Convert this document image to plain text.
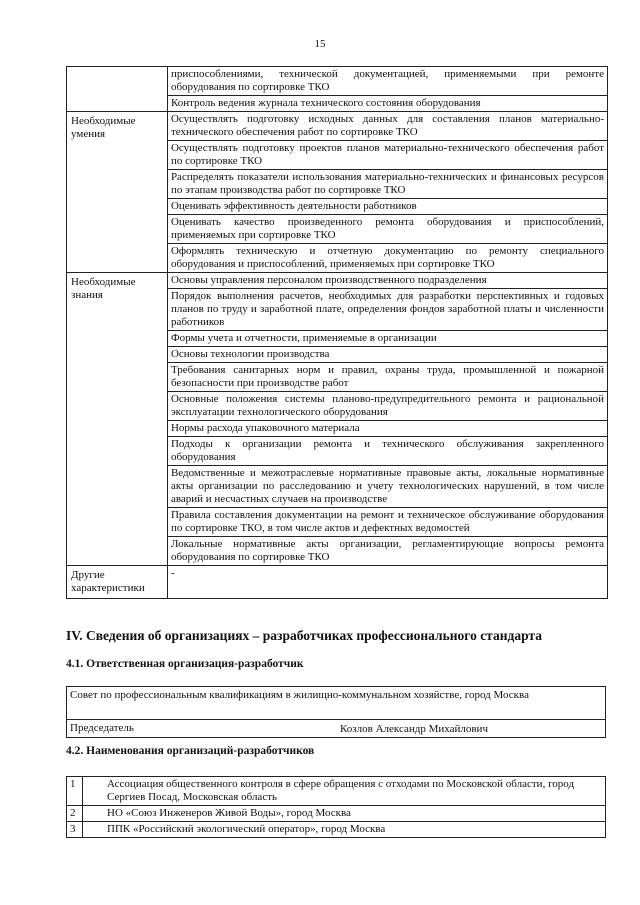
15
	приспособлениями, технической документацией, применяемыми при ремонте оборудования по сортировке ТКО
	Контроль ведения журнала технического состояния оборудования
Необходимые умения	Осуществлять подготовку исходных данных для составления планов материально-технического обеспечения работ по сортировке ТКО
	Осуществлять подготовку проектов планов материально-технического обеспечения работ по сортировке ТКО
	Распределять показатели использования материально-технических и финансовых ресурсов по этапам производства работ по сортировке ТКО
	Оценивать эффективность деятельности работников
	Оценивать качество произведенного ремонта оборудования и приспособлений, применяемых при сортировке ТКО
	Оформлять техническую и отчетную документацию по ремонту специального оборудования и приспособлений, применяемых при сортировке ТКО
Необходимые знания	Основы управления персоналом производственного подразделения
	Порядок выполнения расчетов, необходимых для разработки перспективных и годовых планов по труду и заработной плате, определения фондов заработной платы и численности работников
	Формы учета и отчетности, применяемые в организации
	Основы технологии производства
	Требования санитарных норм и правил, охраны труда, промышленной и пожарной безопасности при производстве работ
	Основные положения системы планово-предупредительного ремонта и рациональной эксплуатации технологического оборудования
	Нормы расхода упаковочного материала
	Подходы к организации ремонта и технического обслуживания закрепленного оборудования
	Ведомственные и межотраслевые нормативные правовые акты, локальные нормативные акты организации по расследованию и учету технологических нарушений, в том числе аварий и несчастных случаев на производстве
	Правила составления документации на ремонт и техническое обслуживание оборудования по сортировке ТКО, в том числе актов и дефектных ведомостей
	Локальные нормативные акты организации, регламентирующие вопросы ремонта оборудования по сортировке ТКО
Другие характеристики	-
IV. Сведения об организациях – разработчиках профессионального стандарта
4.1. Ответственная организация-разработчик
Совет по профессиональным квалификациям в жилищно-коммунальном хозяйстве, город Москва

Председатель	Козлов Александр Михайлович
4.2. Наименования организаций-разработчиков
1	Ассоциация общественного контроля в сфере обращения с отходами по Московской области, город Сергиев Посад, Московская область
2	НО «Союз Инженеров Живой Воды», город Москва
3	ППК «Российский экологический оператор», город Москва
